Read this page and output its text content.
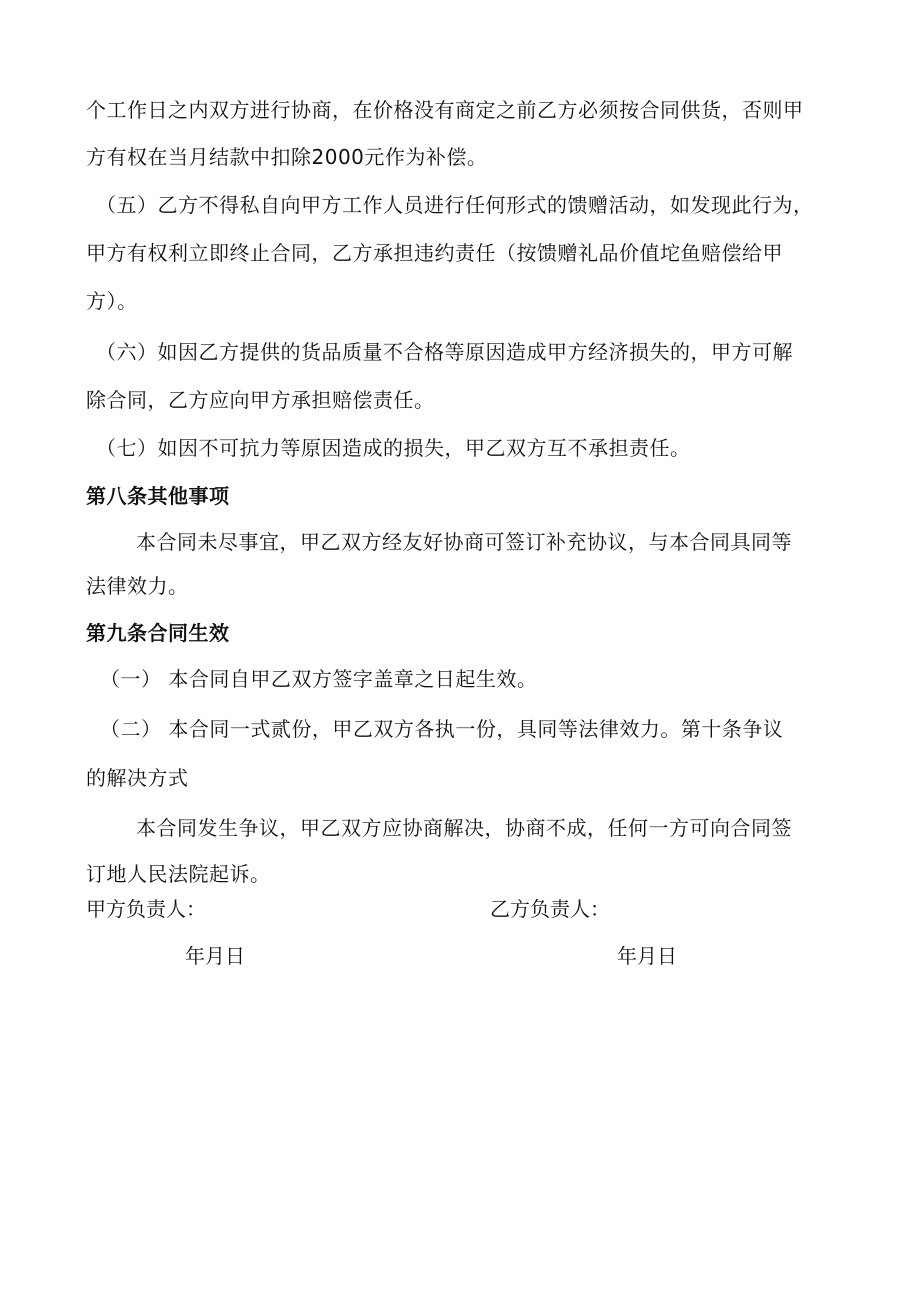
个工作日之内双方进行协商，在价格没有商定之前乙方必须按合同供货，否则甲
方有权在当月结款中扣除2000元作为补偿。
（五）乙方不得私自向甲方工作人员进行任何形式的馈赠活动，如发现此行为，
甲方有权利立即终止合同，乙方承担违约责任（按馈赠礼品价值坨鱼赔偿给甲
方）。
（六）如因乙方提供的货品质量不合格等原因造成甲方经济损失的，甲方可解
除合同，乙方应向甲方承担赔偿责任。
（七）如因不可抗力等原因造成的损失，甲乙双方互不承担责任。
第八条其他事项
本合同未尽事宜，甲乙双方经友好协商可签订补充协议，与本合同具同等
法律效力。
第九条合同生效
（一） 本合同自甲乙双方签字盖章之日起生效。
（二） 本合同一式贰份，甲乙双方各执一份，具同等法律效力。第十条争议
的解决方式
本合同发生争议，甲乙双方应协商解决，协商不成，任何一方可向合同签
订地人民法院起诉。
甲方负责人：	乙方负责人：
年月日	年月日
